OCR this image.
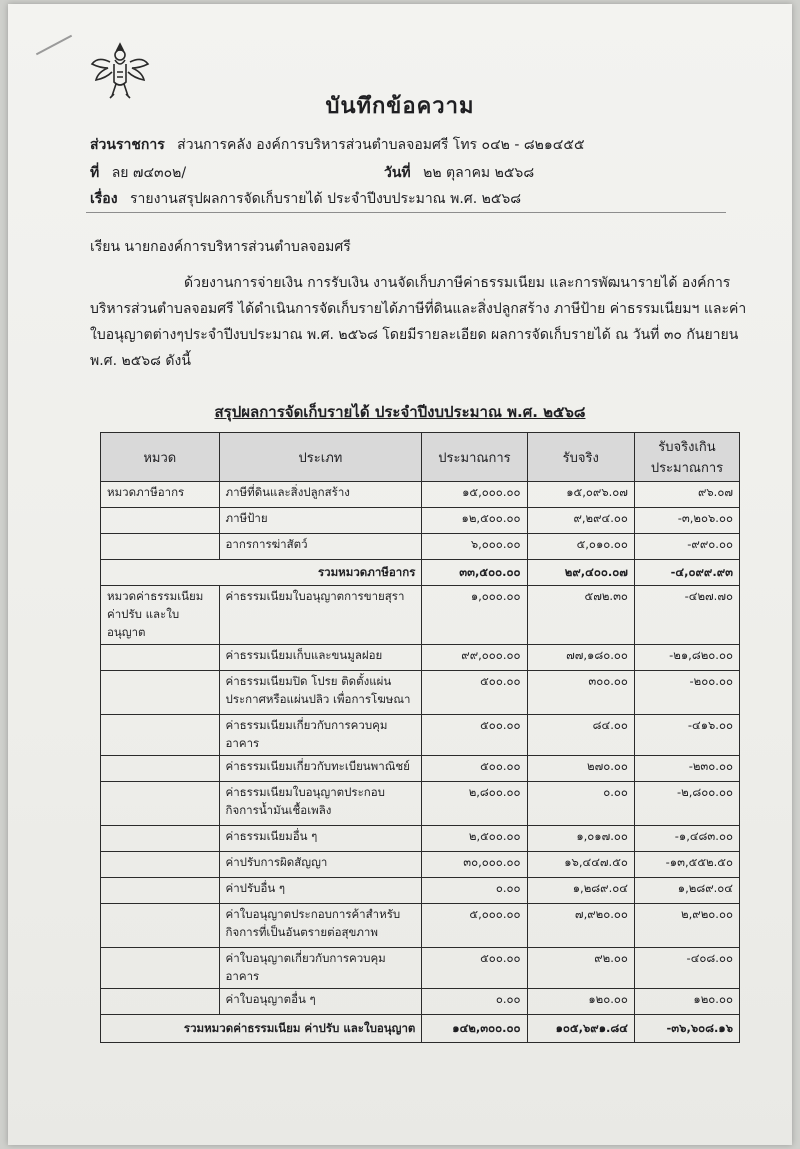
บันทึกข้อความ
ส่วนราชการ ส่วนการคลัง องค์การบริหารส่วนตำบลจอมศรี โทร ๐๔๒ - ๘๒๑๔๕๕
ที่ ลย ๗๔๓๐๒/	วันที่ ๒๒ ตุลาคม ๒๕๖๘
เรื่อง รายงานสรุปผลการจัดเก็บรายได้ ประจำปีงบประมาณ พ.ศ. ๒๕๖๘
เรียน นายกองค์การบริหารส่วนตำบลจอมศรี
ด้วยงานการจ่ายเงิน การรับเงิน งานจัดเก็บภาษีค่าธรรมเนียม และการพัฒนารายได้ องค์การ
บริหารส่วนตำบลจอมศรี ได้ดำเนินการจัดเก็บรายได้ภาษีที่ดินและสิ่งปลูกสร้าง ภาษีป้าย ค่าธรรมเนียมฯ และค่า
ใบอนุญาตต่างๆประจำปีงบประมาณ พ.ศ. ๒๕๖๘ โดยมีรายละเอียด ผลการจัดเก็บรายได้ ณ วันที่ ๓๐ กันยายน
พ.ศ. ๒๕๖๘ ดังนี้
สรุปผลการจัดเก็บรายได้ ประจำปีงบประมาณ พ.ศ. ๒๕๖๘
หมวด	ประเภท	ประมาณการ	รับจริง	รับจริงเกิน ประมาณการ
หมวดภาษีอากร	ภาษีที่ดินและสิ่งปลูกสร้าง	๑๕,๐๐๐.๐๐	๑๕,๐๙๖.๐๗	๙๖.๐๗
	ภาษีป้าย	๑๒,๕๐๐.๐๐	๙,๒๙๔.๐๐	-๓,๒๐๖.๐๐
	อากรการฆ่าสัตว์	๖,๐๐๐.๐๐	๕,๐๑๐.๐๐	-๙๙๐.๐๐
รวมหมวดภาษีอากร		๓๓,๕๐๐.๐๐	๒๙,๔๐๐.๐๗	-๔,๐๙๙.๙๓
หมวดค่าธรรมเนียม ค่าปรับ และใบอนุญาต	ค่าธรรมเนียมใบอนุญาตการขายสุรา	๑,๐๐๐.๐๐	๕๗๒.๓๐	-๔๒๗.๗๐
	ค่าธรรมเนียมเก็บและขนมูลฝอย	๙๙,๐๐๐.๐๐	๗๗,๑๘๐.๐๐	-๒๑,๘๒๐.๐๐
	ค่าธรรมเนียมปิด โปรย ติดตั้งแผ่นประกาศหรือแผ่นปลิว เพื่อการโฆษณา	๕๐๐.๐๐	๓๐๐.๐๐	-๒๐๐.๐๐
	ค่าธรรมเนียมเกี่ยวกับการควบคุมอาคาร	๕๐๐.๐๐	๘๔.๐๐	-๔๑๖.๐๐
	ค่าธรรมเนียมเกี่ยวกับทะเบียนพาณิชย์	๕๐๐.๐๐	๒๗๐.๐๐	-๒๓๐.๐๐
	ค่าธรรมเนียมใบอนุญาตประกอบกิจการน้ำมันเชื้อเพลิง	๒,๘๐๐.๐๐	๐.๐๐	-๒,๘๐๐.๐๐
	ค่าธรรมเนียมอื่น ๆ	๒,๕๐๐.๐๐	๑,๐๑๗.๐๐	-๑,๔๘๓.๐๐
	ค่าปรับการผิดสัญญา	๓๐,๐๐๐.๐๐	๑๖,๔๔๗.๕๐	-๑๓,๕๕๒.๕๐
	ค่าปรับอื่น ๆ	๐.๐๐	๑,๒๘๙.๐๔	๑,๒๘๙.๐๔
	ค่าใบอนุญาตประกอบการค้าสำหรับกิจการที่เป็นอันตรายต่อสุขภาพ	๕,๐๐๐.๐๐	๗,๙๒๐.๐๐	๒,๙๒๐.๐๐
	ค่าใบอนุญาตเกี่ยวกับการควบคุมอาคาร	๕๐๐.๐๐	๙๒.๐๐	-๔๐๘.๐๐
	ค่าใบอนุญาตอื่น ๆ	๐.๐๐	๑๒๐.๐๐	๑๒๐.๐๐
รวมหมวดค่าธรรมเนียม ค่าปรับ และใบอนุญาต		๑๔๒,๓๐๐.๐๐	๑๐๕,๖๙๑.๘๔	-๓๖,๖๐๘.๑๖
